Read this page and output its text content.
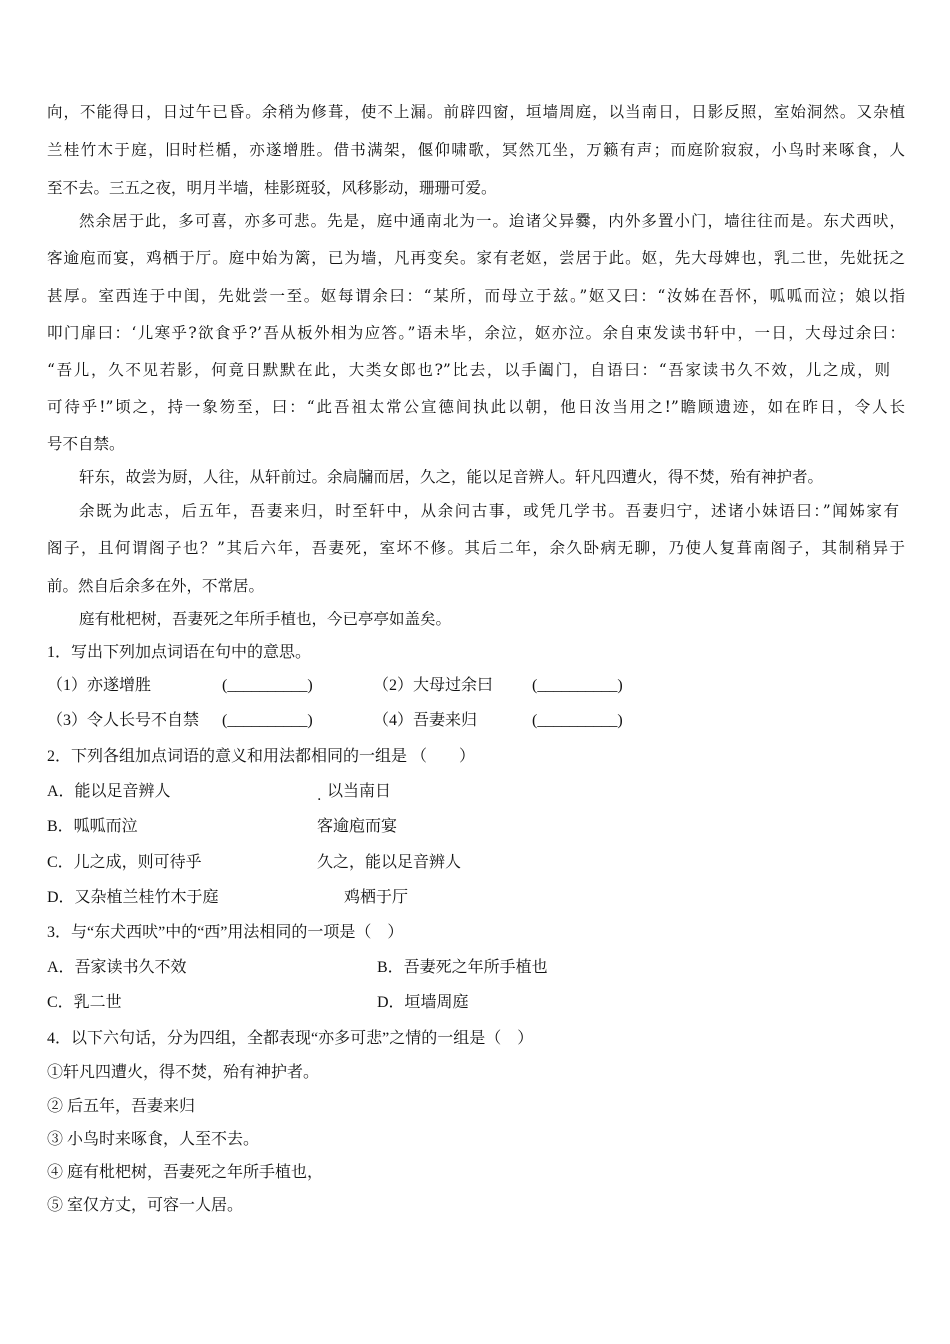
向，不能得日，日过午已昏。余稍为修葺，使不上漏。前辟四窗，垣墙周庭，以当南日，日影反照，室始洞然。又杂植
兰桂竹木于庭，旧时栏楯，亦遂增胜。借书满架，偃仰啸歌，冥然兀坐，万籁有声；而庭阶寂寂，小鸟时来啄食，人
至不去。三五之夜，明月半墙，桂影斑驳，风移影动，珊珊可爱。
然余居于此，多可喜，亦多可悲。先是，庭中通南北为一。迨诸父异爨，内外多置小门，墙往往而是。东犬西吠，
客逾庖而宴，鸡栖于厅。庭中始为篱，已为墙，凡再变矣。家有老妪，尝居于此。妪，先大母婢也，乳二世，先妣抚之
甚厚。室西连于中闺，先妣尝一至。妪每谓余曰：“某所，而母立于兹。”妪又曰：“汝姊在吾怀，呱呱而泣；娘以指
叩门扉曰：‘儿寒乎?欲食乎?’吾从板外相为应答。”语未毕，余泣，妪亦泣。余自束发读书轩中，一日，大母过余曰：
“吾儿，久不见若影，何竟日默默在此，大类女郎也?”比去，以手阖门，自语曰：“吾家读书久不效，儿之成，则
可待乎!”顷之，持一象笏至，曰：“此吾祖太常公宣德间执此以朝，他日汝当用之!”瞻顾遗迹，如在昨日，令人长
号不自禁。
轩东，故尝为厨，人往，从轩前过。余扃牖而居，久之，能以足音辨人。轩凡四遭火，得不焚，殆有神护者。
余既为此志，后五年，吾妻来归，时至轩中，从余问古事，或凭几学书。吾妻归宁，述诸小妹语曰：”闻姊家有
阁子，且何谓阁子也？”其后六年，吾妻死，室坏不修。其后二年，余久卧病无聊，乃使人复葺南阁子，其制稍异于
前。然自后余多在外，不常居。
庭有枇杷树，吾妻死之年所手植也，今已亭亭如盖矣。
1．写出下列加点词语在句中的意思。
（1）亦遂增胜	(__________)	（2）大母过余曰 (__________)
（3）令人长号不自禁 (__________)	（4）吾妻来归	(__________)
2．下列各组加点词语的意义和用法都相同的一组是 （　　）
A．能以足音辨人	. 以当南日
B．呱呱而泣	客逾庖而宴
C．儿之成，则可待乎	久之，能以足音辨人
D．又杂植兰桂竹木于庭	鸡栖于厅
3．与“东犬西吠”中的“西”用法相同的一项是（　）
A．吾家读书久不效	B．吾妻死之年所手植也
C．乳二世	D．垣墙周庭
4．以下六句话，分为四组，全都表现“亦多可悲”之情的一组是（　）
①轩凡四遭火，得不焚，殆有神护者。
② 后五年，吾妻来归
③ 小鸟时来啄食，人至不去。
④ 庭有枇杷树，吾妻死之年所手植也，
⑤ 室仅方丈，可容一人居。
